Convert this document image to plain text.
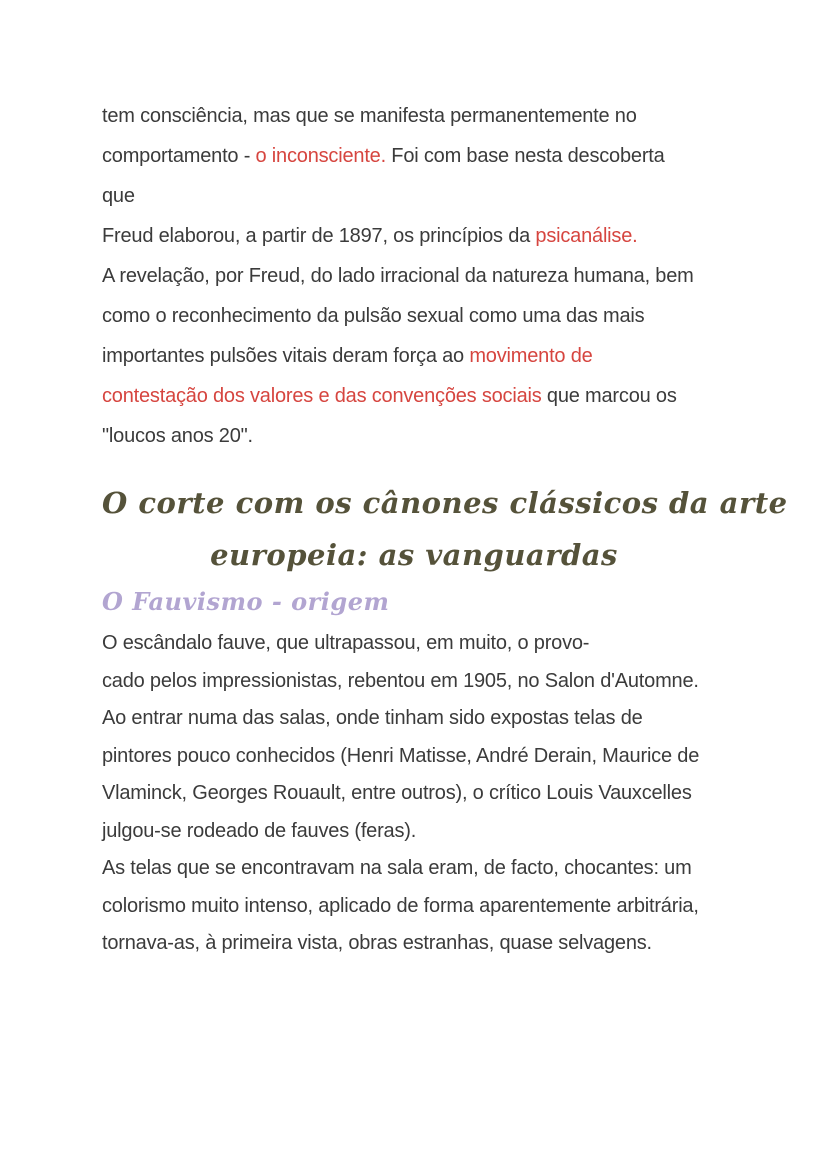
tem consciência, mas que se manifesta permanentemente no
comportamento - o inconsciente. Foi com base nesta descoberta
que
Freud elaborou, a partir de 1897, os princípios da psicanálise.
A revelação, por Freud, do lado irracional da natureza humana, bem
como o reconhecimento da pulsão sexual como uma das mais
importantes pulsões vitais deram força ao movimento de
contestação dos valores e das convenções sociais que marcou os
"loucos anos 20".
O corte com os cânones clássicos da arte
europeia: as vanguardas
O Fauvismo - origem
O escândalo fauve, que ultrapassou, em muito, o provo-
cado pelos impressionistas, rebentou em 1905, no Salon d'Automne.
Ao entrar numa das salas, onde tinham sido expostas telas de
pintores pouco conhecidos (Henri Matisse, André Derain, Maurice de
Vlaminck, Georges Rouault, entre outros), o crítico Louis Vauxcelles
julgou-se rodeado de fauves (feras).
As telas que se encontravam na sala eram, de facto, chocantes: um
colorismo muito intenso, aplicado de forma aparentemente arbitrária,
tornava-as, à primeira vista, obras estranhas, quase selvagens.
